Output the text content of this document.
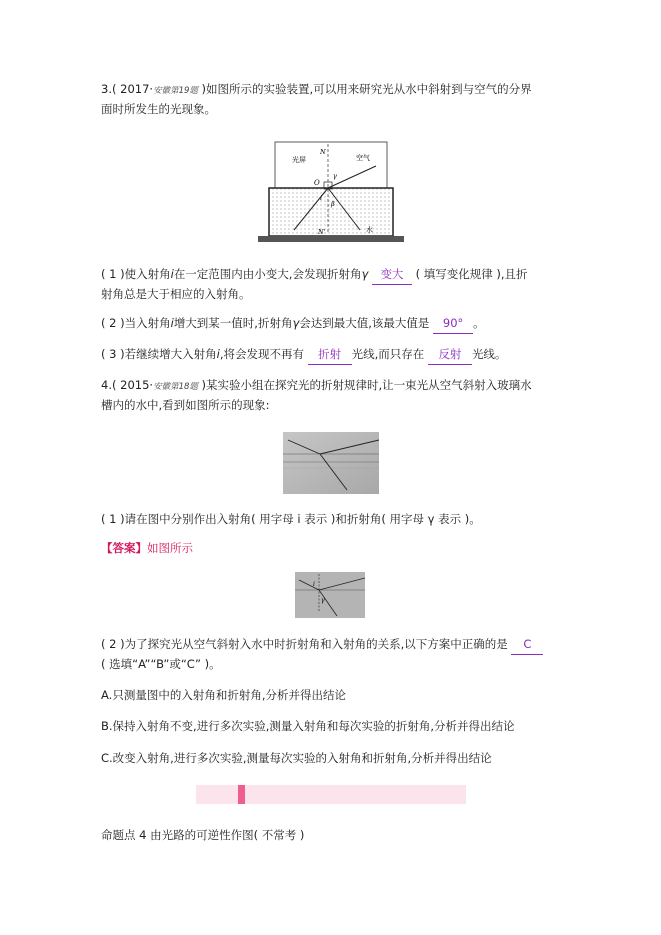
3.( 2017·安徽第19题 )如图所示的实验装置,可以用来研究光从水中斜射到与空气的分界
面时所发生的光现象。
光屏	空气
水
N
N'
O
γ
β
i
( 1 )使入射角i在一定范围内由小变大,会发现折射角γ 变大 ( 填写变化规律 ),且折
射角总是大于相应的入射角。
( 2 )当入射角i增大到某一值时,折射角γ会达到最大值,该最大值是 90° 。
( 3 )若继续增大入射角i,将会发现不再有 折射 光线,而只存在 反射 光线。
4.( 2015·安徽第18题 )某实验小组在探究光的折射规律时,让一束光从空气斜射入玻璃水
槽内的水中,看到如图所示的现象:
( 1 )请在图中分别作出入射角( 用字母 i 表示 )和折射角( 用字母 γ 表示 )。
【答案】如图所示
i
γ
( 2 )为了探究光从空气斜射入水中时折射角和入射角的关系,以下方案中正确的是 C
( 选填“A”“B”或“C” )。
A.只测量图中的入射角和折射角,分析并得出结论
B.保持入射角不变,进行多次实验,测量入射角和每次实验的折射角,分析并得出结论
C.改变入射角,进行多次实验,测量每次实验的入射角和折射角,分析并得出结论
命题点 4 由光路的可逆性作图( 不常考 )
